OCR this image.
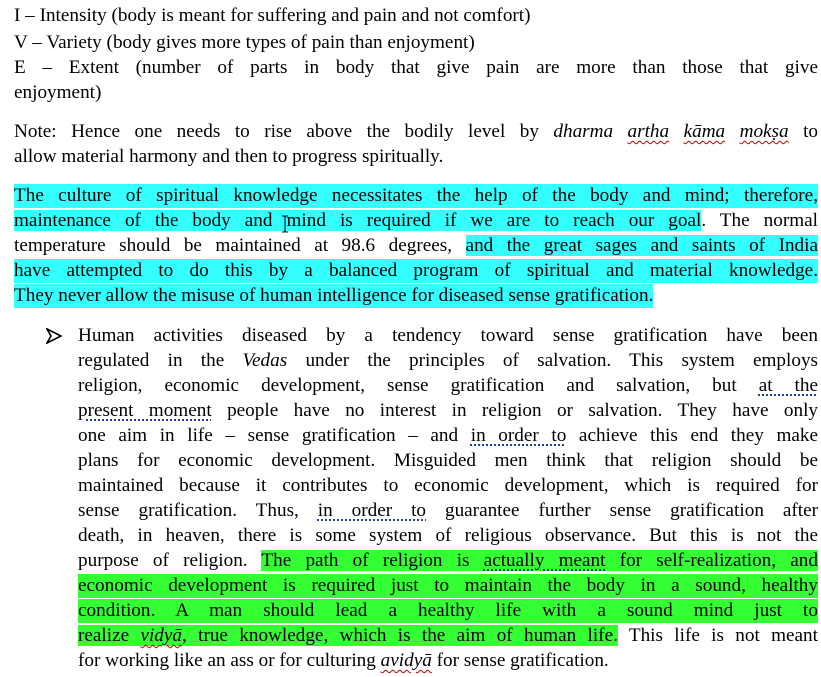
I – Intensity (body is meant for suffering and pain and not comfort)
V – Variety (body gives more types of pain than enjoyment)
E – Extent (number of parts in body that give pain are more than those that give
enjoyment)
Note: Hence one needs to rise above the bodily level by dharma artha kāma mokṣa to
allow material harmony and then to progress spiritually.
The culture of spiritual knowledge necessitates the help of the body and mind; therefore,
maintenance of the body and mind is required if we are to reach our goal. The normal
temperature should be maintained at 98.6 degrees, and the great sages and saints of India
have attempted to do this by a balanced program of spiritual and material knowledge.
They never allow the misuse of human intelligence for diseased sense gratification.
Human activities diseased by a tendency toward sense gratification have been
regulated in the Vedas under the principles of salvation. This system employs
religion, economic development, sense gratification and salvation, but at the
present moment people have no interest in religion or salvation. They have only
one aim in life – sense gratification – and in order to achieve this end they make
plans for economic development. Misguided men think that religion should be
maintained because it contributes to economic development, which is required for
sense gratification. Thus, in order to guarantee further sense gratification after
death, in heaven, there is some system of religious observance. But this is not the
purpose of religion. The path of religion is actually meant for self-realization, and
economic development is required just to maintain the body in a sound, healthy
condition. A man should lead a healthy life with a sound mind just to
realize vidyā, true knowledge, which is the aim of human life. This life is not meant
for working like an ass or for culturing avidyā for sense gratification.
